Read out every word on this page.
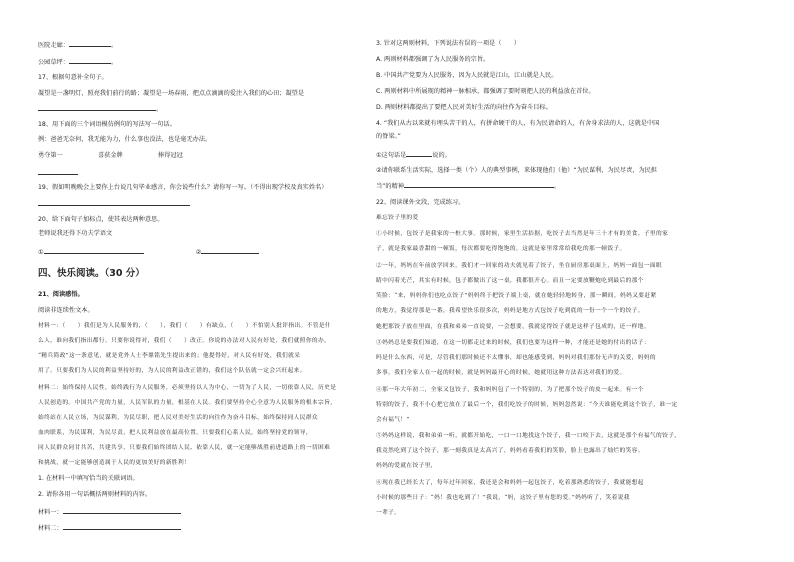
医院走廊：	。
公园草坪：	。
17、根据句意补全句子。
凝望是一盏明灯，照亮我们前行的路；凝望是一场春雨，把点点滴滴的爱注入我们的心田；凝望是
。
18、用下面的三个词语模仿例句的写法写一句话。
例：爸爸无奈何，我无能为力，什么事也没法，也是毫无办法。
勇夺第一	喜获金牌	捧得冠冠
19、假如明晚晚会上要你上台说几句毕业感言，你会说些什么？请你写一写。（不得出现学校及真实姓名）
20、给下面句子加标点，使其表达两种意思。
老师说我还得下功夫学语文
①	②
四、快乐阅读。（30 分）
21、阅读感悟。
阅读非连续性文本。
材料一：（　　）我们是为人民服务的，（　　），我们（　　）有缺点，（　　）不怕别人批评指出。不管是什
么人，谁向我们指出都行。只要你说得对，我们（　　）改正。你说的办法对人民有好处，我们就照你的办。
“精兵简政”这一条意见，就是党外人士李鼎铭先生提出来的；他提得好，对人民有好处，我们就采
用了。只要我们为人民的利益坚持好的，为人民的利益改正错的，我们这个队伍就一定会兴旺起来。
材料二：始终保持人民性，始终践行为人民服务，必须坚持以人为中心，一切为了人民，一切依靠人民，历史是
人民创造的。中国共产党的力量，人民军队的力量，根基在人民。我们要坚持全心全意为人民服务的根本宗旨，
始终站在人民立场，为民谋利，为民尽职，把人民对美好生活的向往作为奋斗目标，始终保持同人民群众
血肉联系，为民谋利，为民尽责，把人民利益放在最高位置。只要我们心系人民，始终坚持党的领导，
同人民群众同甘共苦，共建共享，只要我们始终团结人民、依靠人民，就一定能够战胜前进道路上的一切困难
和挑战，就一定能够创造属于人民的更加美好的新胜利！
1. 在材料一中填写恰当的关联词语。
2. 请你各用一句话概括两则材料的内容。
材料一：
材料二：
3. 针对这两则材料，下列说法有误的一项是（　　）
A. 两则材料都强调了为人民服务的宗旨。
B. 中国共产党要为人民服务，因为人民就是江山，江山就是人民。
C. 两则材料中所展现的精神一脉相承，都强调了要时刻把人民的利益放在首位。
D. 两则材料都提出了要把人民对美好生活的向往作为奋斗目标。
4. “我们从古以来就有埋头苦干的人，有拼命硬干的人，有为民请命的人，有舍身求法的人，这就是中国
的脊梁。”
①这句话是	说的。
②请你联系生活实际，选择一类（个）人的典型事例，来体现他们（他）“为民谋利，为民尽责，为民担
当”的精神	。
22、阅读课外文段，完成练习。
难忘饺子里的爱
①小时候，包饺子是我家的一桩大事。那时候，家里生活拮据，吃饺子去当然是年三十才有的美食。子里的家
子，就是我家最香甜的一顿饭，每次都要吃得饱饱的，这就是家里常常给我吃的那一顿饭子。
②一年，妈妈在年前放学回来，我们才一回家的功夫就见着了饺子，坐在厨房那桌面上，妈妈一面包一面眼
睛中闪着光芒，其实有时候，包子都做出了这一桌，我都很开心。而且一定要放鞭炮吃到最后的那个
笑脸：“来，妈妈你们也吃点饺子”妈妈终于把饺子端上桌，就在她轻轻地转身，那一瞬间，妈妈又要赶紧
的地方，我觉得那是一番，我希望快乐很多次，妈妈是地方式包饺子吃到底的一份一个一个的饺子。
她把那饺子放在里面，在我和弟弟一直说要，一会想要，我就觉得饺子就是这样子包成的，还一样地。
③妈妈总是要我们知道，在这一切都走过来的时候，我们也要为这样一种，才能还是她的付出的话子：
吗是什么东西，可是，尽管我们那时候还不太懂事，却也能感受到，妈妈对我们那份无声的关爱，妈妈的
多事，我们全家人在一起的时候，就是妈妈最开心的时候，她就用这种方法表达对我们的爱。
④那一年大年初二，全家又包饺子，我和妈妈包了一个特别的，为了把那个饺子的皮一起来。有一个
特别的饺子，我不小心把它放在了最后一个，我们吃饺子的时候，妈妈忽然说：“今天谁能吃到这个饺子，谁一定
会有福气！”
⑤妈妈这样说，我和弟弟一听，就都开始吃，一口一口地找这个饺子，我一口咬下去，这就是那个有福气的饺子，
我竟然吃到了这个饺子，那一刻我真是太高兴了，妈妈看着我们的笑脸，脸上也露出了灿烂的笑容。
妈妈的爱就在饺子里，
⑥现在我已经长大了，每年过年回家，我还是会和妈妈一起包饺子，吃着那熟悉的饺子，我就能想起
小时候的那些日子：“妈！我也吃到了！”我说，“妈，这饺子里有您的爱。”妈妈听了，笑着说我
一辈子。
